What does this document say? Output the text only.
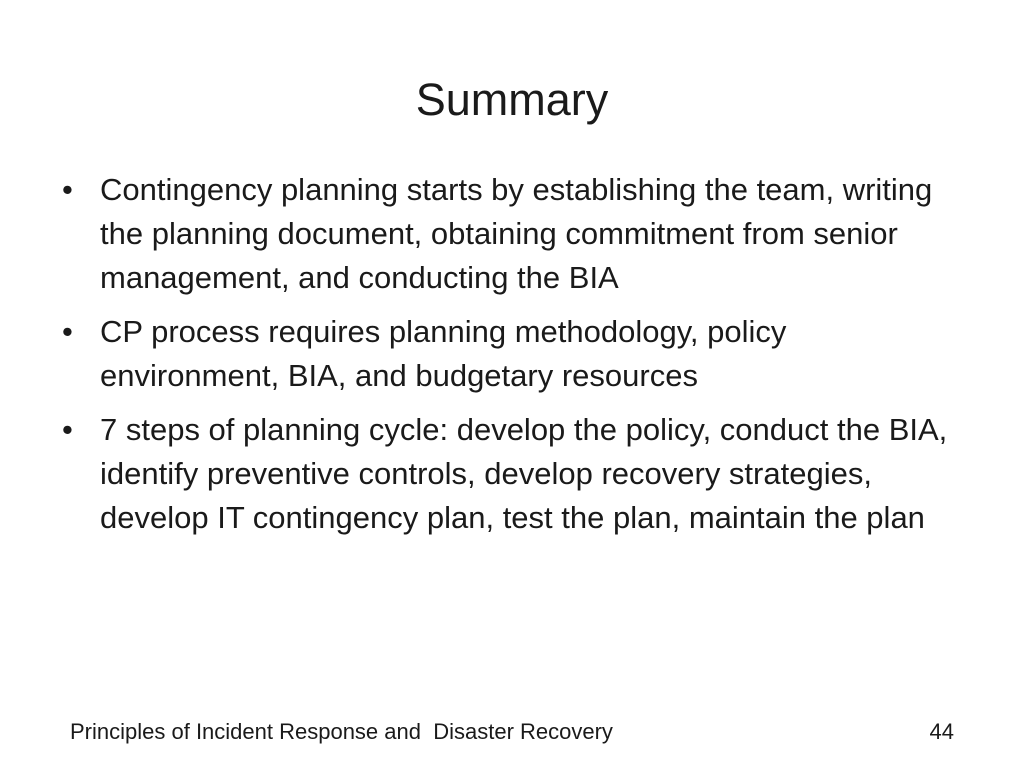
Summary
• Contingency planning starts by establishing the team, writing the planning document, obtaining commitment from senior management, and conducting the BIA
• CP process requires planning methodology, policy environment, BIA, and budgetary resources
• 7 steps of planning cycle: develop the policy, conduct the BIA, identify preventive controls, develop recovery strategies, develop IT contingency plan, test the plan, maintain the plan
Principles of Incident Response and  Disaster Recovery	44
